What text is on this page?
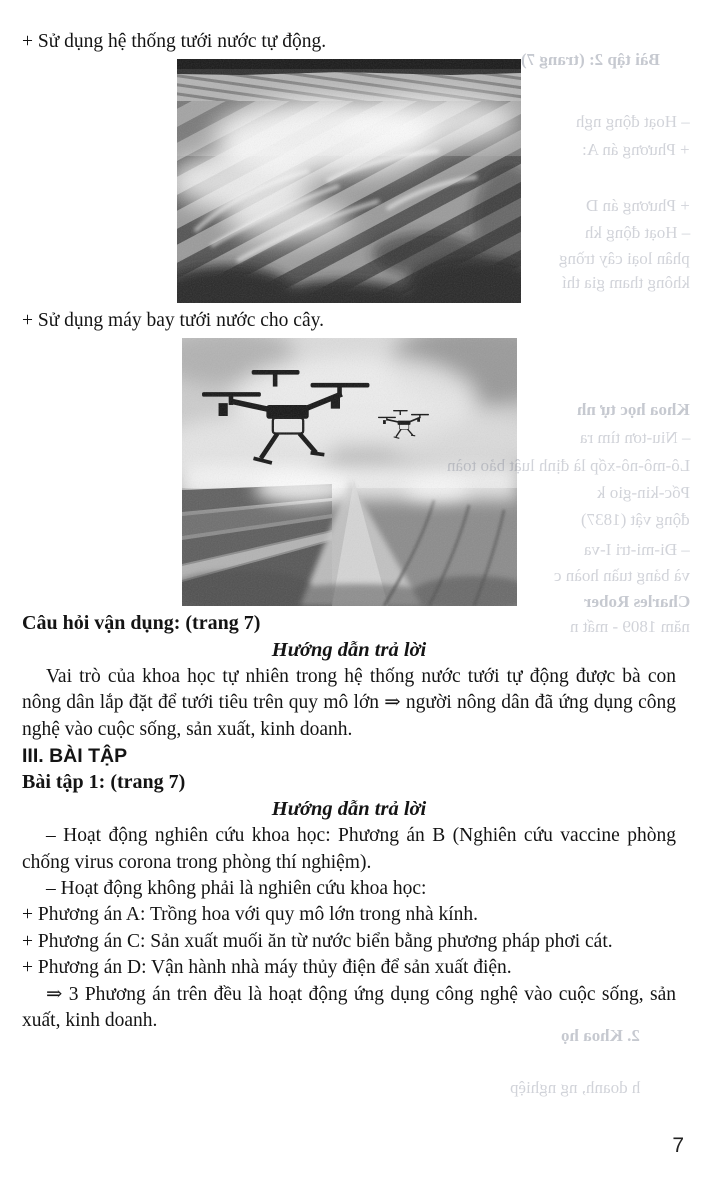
Bài tập 2: (trang 7)
– Hoạt động ngh
+ Phương án A:
+ Phương án D
– Hoạt động kh
phân loại cây trồng
không tham gia thí
Khoa học tự nh
– Niu-tơn tìm ra
Lô-mô-nô-xốp là định luật bảo toàn
Pốc-kin-gio k
động vật (1837)
– Đi-mi-tri I-va
và bảng tuần hoàn c
Charles Rober
năm 1809 - mất n
2. Khoa họ
h doanh, ng nghiệp

+ Sử dụng hệ thống tưới nước tự động.

+ Sử dụng máy bay tưới nước cho cây.

Câu hỏi vận dụng: (trang 7)

Hướng dẫn trả lời

Vai trò của khoa học tự nhiên trong hệ thống nước tưới tự động được bà con nông dân lắp đặt để tưới tiêu trên quy mô lớn ⇒ người nông dân đã ứng dụng công nghệ vào cuộc sống, sản xuất, kinh doanh.

III. BÀI TẬP

Bài tập 1: (trang 7)

Hướng dẫn trả lời

– Hoạt động nghiên cứu khoa học: Phương án B (Nghiên cứu vaccine phòng chống virus corona trong phòng thí nghiệm).

– Hoạt động không phải là nghiên cứu khoa học:

+ Phương án A: Trồng hoa với quy mô lớn trong nhà kính.

+ Phương án C: Sản xuất muối ăn từ nước biển bằng phương pháp phơi cát.

+ Phương án D: Vận hành nhà máy thủy điện để sản xuất điện.

⇒ 3 Phương án trên đều là hoạt động ứng dụng công nghệ vào cuộc sống, sản xuất, kinh doanh.

7
